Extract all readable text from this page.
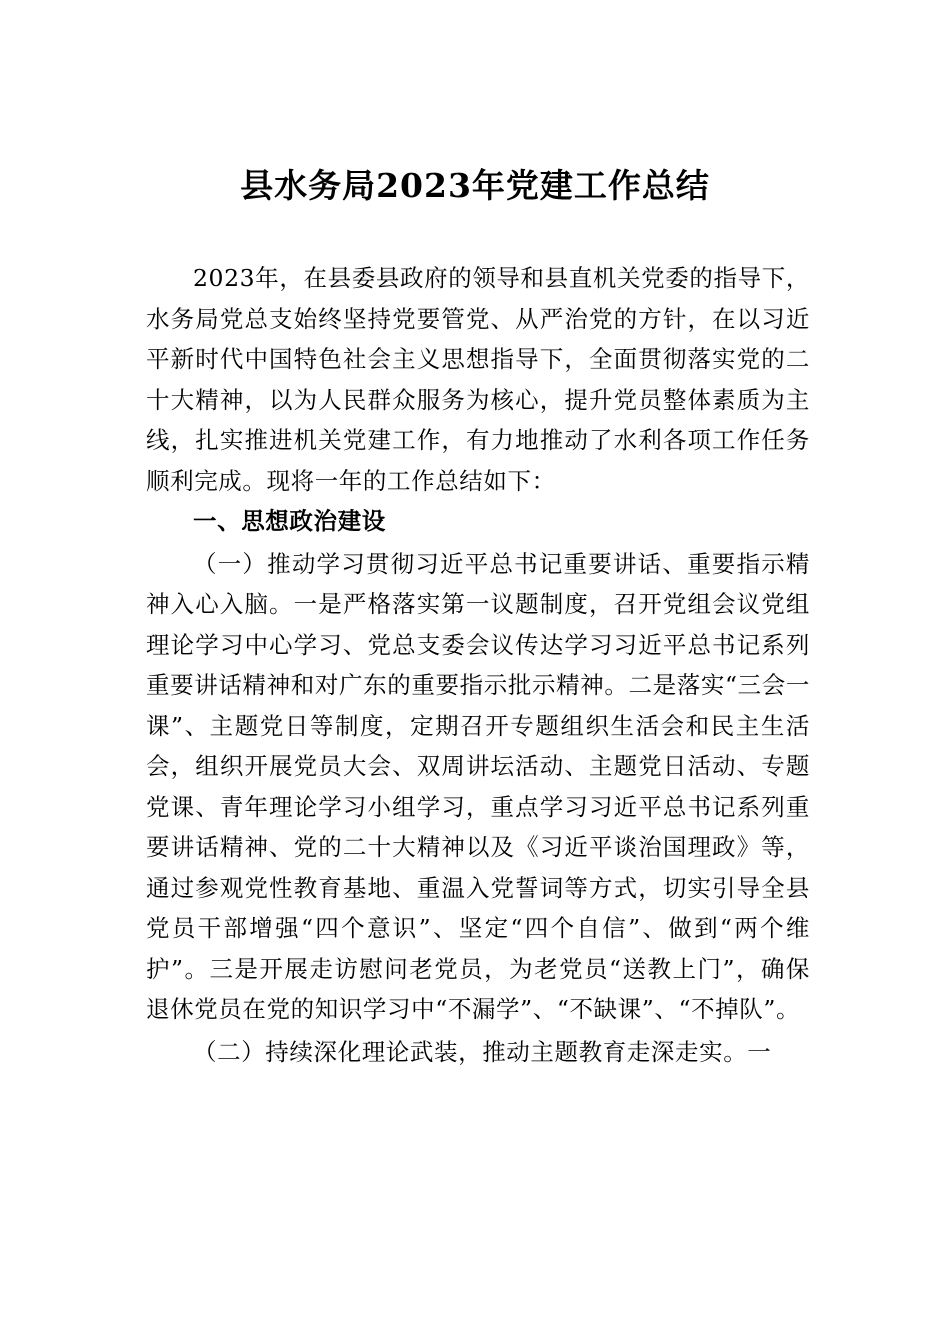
县水务局2023年党建工作总结

2023年，在县委县政府的领导和县直机关党委的指导下，水务局党总支始终坚持党要管党、从严治党的方针，在以习近平新时代中国特色社会主义思想指导下，全面贯彻落实党的二十大精神，以为人民群众服务为核心，提升党员整体素质为主线，扎实推进机关党建工作，有力地推动了水利各项工作任务顺利完成。现将一年的工作总结如下：

一、思想政治建设

（一）推动学习贯彻习近平总书记重要讲话、重要指示精神入心入脑。一是严格落实第一议题制度，召开党组会议党组理论学习中心学习、党总支委会议传达学习习近平总书记系列重要讲话精神和对广东的重要指示批示精神。二是落实“三会一课”、主题党日等制度，定期召开专题组织生活会和民主生活会，组织开展党员大会、双周讲坛活动、主题党日活动、专题党课、青年理论学习小组学习，重点学习习近平总书记系列重要讲话精神、党的二十大精神以及《习近平谈治国理政》等，通过参观党性教育基地、重温入党誓词等方式，切实引导全县党员干部增强“四个意识”、坚定“四个自信”、做到“两个维护”。三是开展走访慰问老党员，为老党员“送教上门”，确保退休党员在党的知识学习中“不漏学”、“不缺课”、“不掉队”。

（二）持续深化理论武装，推动主题教育走深走实。一
